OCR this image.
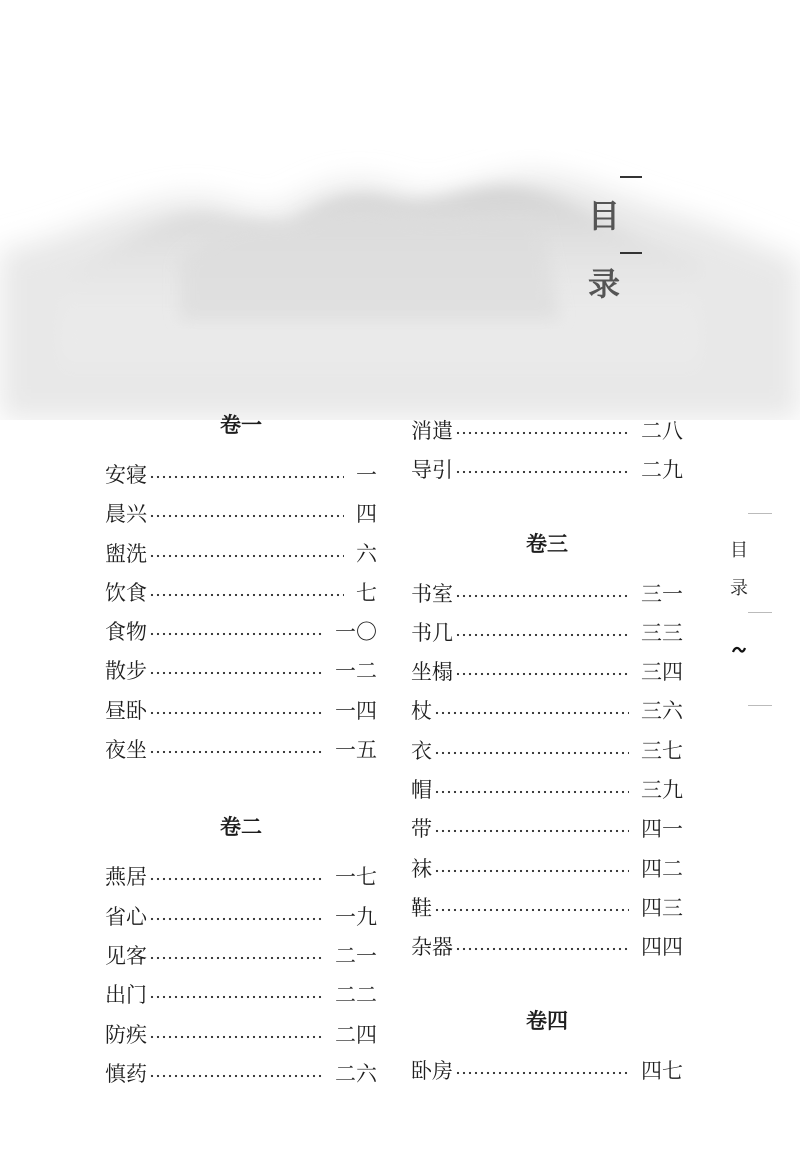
目
录
卷一
安寝	一
晨兴	四
盥洗	六
饮食	七
食物	一〇
散步	一二
昼卧	一四
夜坐	一五
卷二
燕居	一七
省心	一九
见客	二一
出门	二二
防疾	二四
慎药	二六
消遣	二八
导引	二九
卷三
书室	三一
书几	三三
坐榻	三四
杖	三六
衣	三七
帽	三九
带	四一
袜	四二
鞋	四三
杂器	四四
卷四
卧房	四七
目
录
